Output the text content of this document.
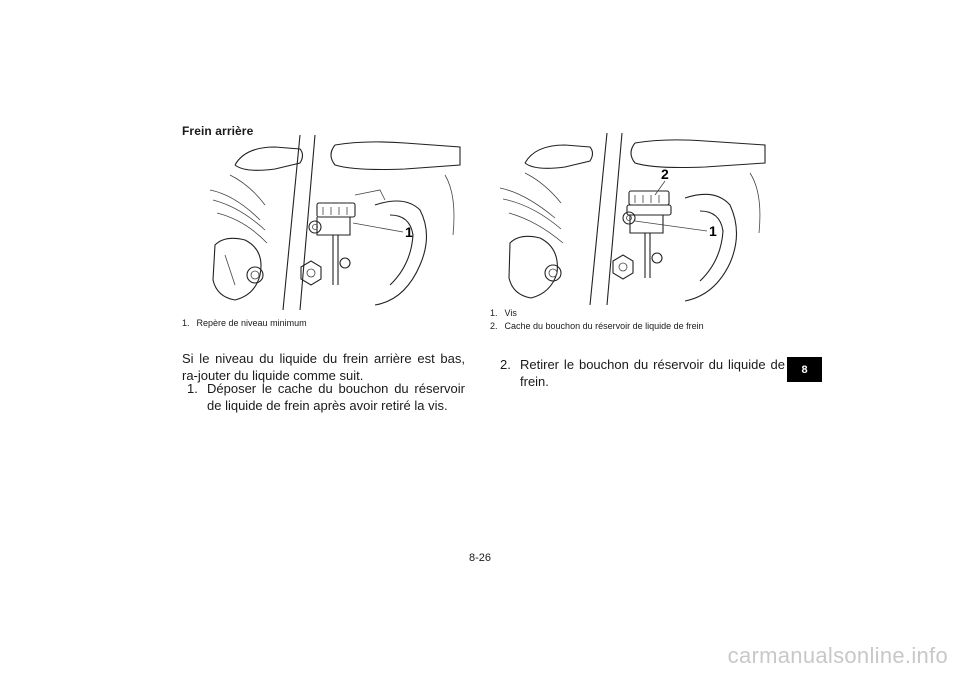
Frein arrière
1
1. Repère de niveau minimum
Si le niveau du liquide du frein arrière est bas, ra-jouter du liquide comme suit.
1. Déposer le cache du bouchon du réservoir de liquide de frein après avoir retiré la vis.
2
1
1. Vis
2. Cache du bouchon du réservoir de liquide de frein
2. Retirer le bouchon du réservoir du liquide de frein.
8
8-26
carmanualsonline.info
